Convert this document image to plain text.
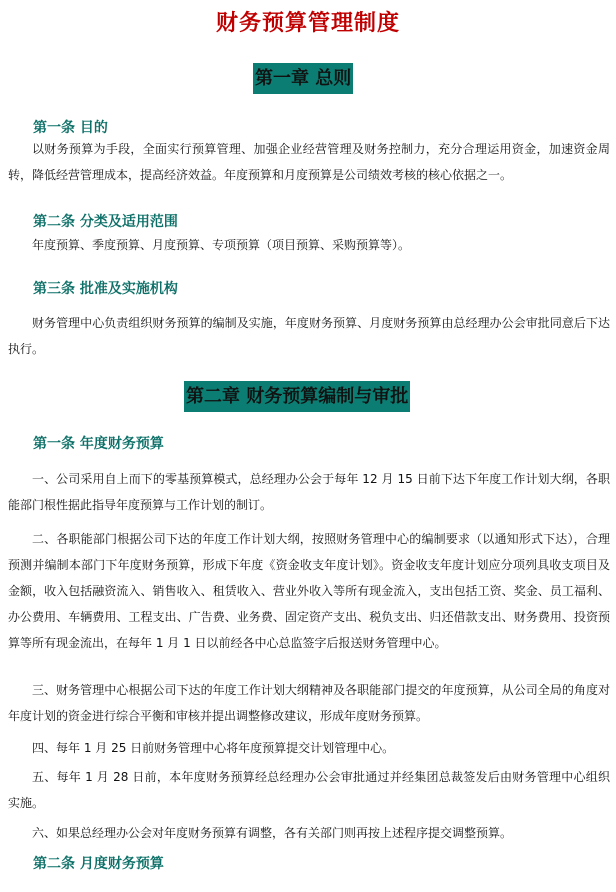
财务预算管理制度
第一章 总则
第一条 目的

以财务预算为手段，全面实行预算管理、加强企业经营管理及财务控制力，充分合理运用资金，加速资金周转，降低经营管理成本，提高经济效益。年度预算和月度预算是公司绩效考核的核心依据之一。

第二条 分类及适用范围

年度预算、季度预算、月度预算、专项预算（项目预算、采购预算等）。

第三条 批准及实施机构

财务管理中心负责组织财务预算的编制及实施，年度财务预算、月度财务预算由总经理办公会审批同意后下达执行。

第二章 财务预算编制与审批
第一条 年度财务预算

一、公司采用自上而下的零基预算模式，总经理办公会于每年 12 月 15 日前下达下年度工作计划大纲，各职能部门根性据此指导年度预算与工作计划的制订。

二、各职能部门根据公司下达的年度工作计划大纲，按照财务管理中心的编制要求（以通知形式下达），合理预测并编制本部门下年度财务预算，形成下年度《资金收支年度计划》。资金收支年度计划应分项列具收支项目及金额，收入包括融资流入、销售收入、租赁收入、营业外收入等所有现金流入，支出包括工资、奖金、员工福利、办公费用、车辆费用、工程支出、广告费、业务费、固定资产支出、税负支出、归还借款支出、财务费用、投资预算等所有现金流出，在每年 1 月 1 日以前经各中心总监签字后报送财务管理中心。

三、财务管理中心根据公司下达的年度工作计划大纲精神及各职能部门提交的年度预算，从公司全局的角度对年度计划的资金进行综合平衡和审核并提出调整修改建议，形成年度财务预算。

四、每年 1 月 25 日前财务管理中心将年度预算提交计划管理中心。

五、每年 1 月 28 日前，本年度财务预算经总经理办公会审批通过并经集团总裁签发后由财务管理中心组织实施。

六、如果总经理办公会对年度财务预算有调整，各有关部门则再按上述程序提交调整预算。

第二条 月度财务预算
